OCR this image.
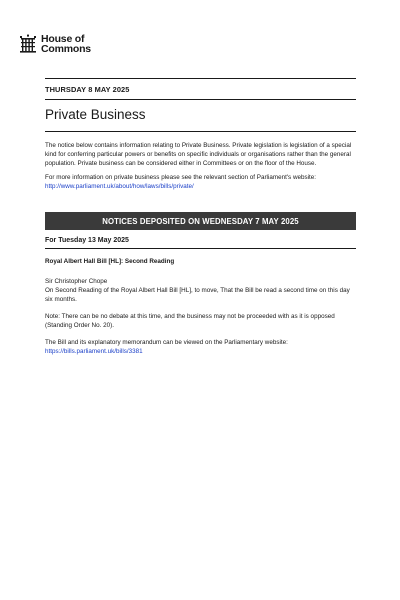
House of
Commons
THURSDAY 8 MAY 2025
Private Business

The notice below contains information relating to Private Business. Private legislation is legislation of a special kind for conferring particular powers or benefits on specific individuals or organisations rather than the general population. Private business can be considered either in Committees or on the floor of the House.

For more information on private business please see the relevant section of Parliament's website: http://www.parliament.uk/about/how/laws/bills/private/

NOTICES DEPOSITED ON WEDNESDAY 7 MAY 2025
For Tuesday 13 May 2025

Royal Albert Hall Bill [HL]: Second Reading

Sir Christopher Chope

On Second Reading of the Royal Albert Hall Bill [HL], to move, That the Bill be read a second time on this day six months.

Note: There can be no debate at this time, and the business may not be proceeded with as it is opposed (Standing Order No. 20).

The Bill and its explanatory memorandum can be viewed on the Parliamentary website:
https://bills.parliament.uk/bills/3381
